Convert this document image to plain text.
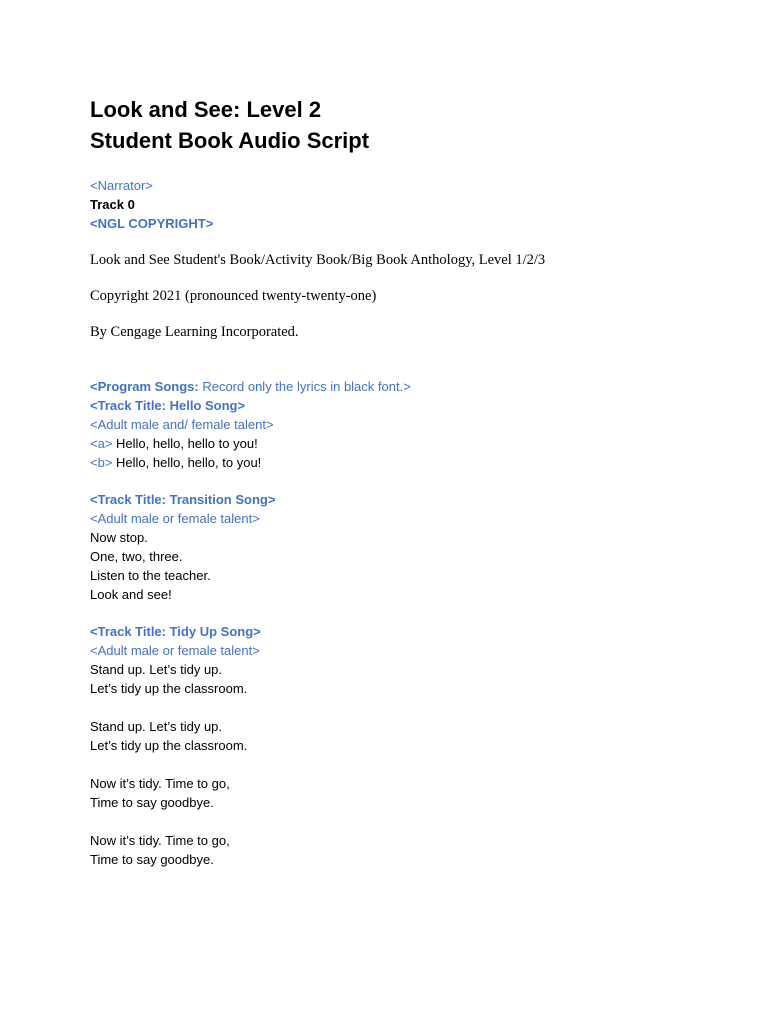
Look and See: Level 2
Student Book Audio Script
<Narrator>
Track 0
<NGL COPYRIGHT>
Look and See Student's Book/Activity Book/Big Book Anthology, Level 1/2/3
Copyright 2021 (pronounced twenty-twenty-one)
By Cengage Learning Incorporated.
<Program Songs: Record only the lyrics in black font.>
<Track Title: Hello Song>
<Adult male and/ female talent>
<a> Hello, hello, hello to you!
<b> Hello, hello, hello, to you!
<Track Title: Transition Song>
<Adult male or female talent>
Now stop.
One, two, three.
Listen to the teacher.
Look and see!
<Track Title: Tidy Up Song>
<Adult male or female talent>
Stand up. Let’s tidy up.
Let’s tidy up the classroom.
Stand up. Let’s tidy up.
Let’s tidy up the classroom.
Now it’s tidy. Time to go,
Time to say goodbye.
Now it’s tidy. Time to go,
Time to say goodbye.
